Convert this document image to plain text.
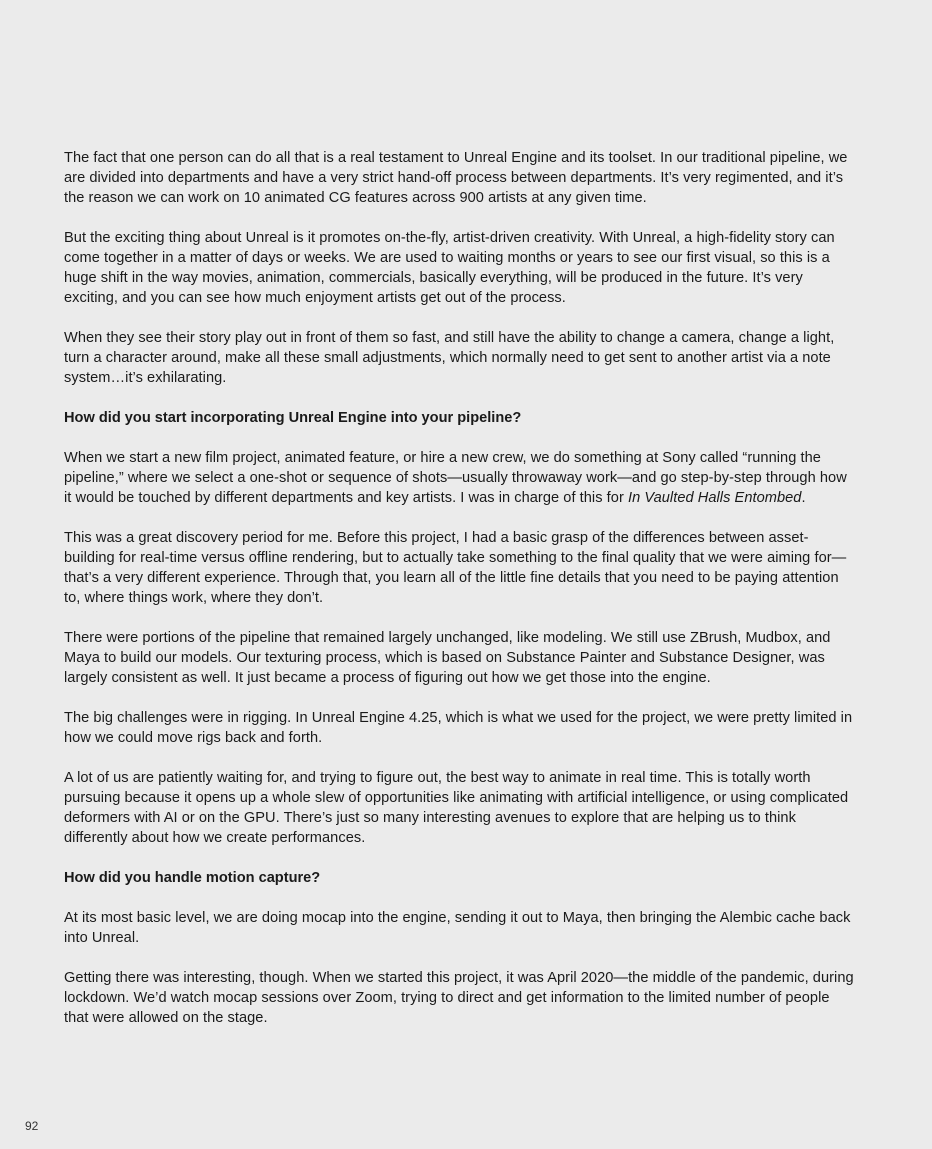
The fact that one person can do all that is a real testament to Unreal Engine and its toolset. In our traditional pipeline, we are divided into departments and have a very strict hand-off process between departments. It’s very regimented, and it’s the reason we can work on 10 animated CG features across 900 artists at any given time.

But the exciting thing about Unreal is it promotes on-the-fly, artist-driven creativity. With Unreal, a high-fidelity story can come together in a matter of days or weeks. We are used to waiting months or years to see our first visual, so this is a huge shift in the way movies, animation, commercials, basically everything, will be produced in the future. It’s very exciting, and you can see how much enjoyment artists get out of the process.

When they see their story play out in front of them so fast, and still have the ability to change a camera, change a light, turn a character around, make all these small adjustments, which normally need to get sent to another artist via a note system…it’s exhilarating.

How did you start incorporating Unreal Engine into your pipeline?

When we start a new film project, animated feature, or hire a new crew, we do something at Sony called “running the pipeline,” where we select a one-shot or sequence of shots—usually throwaway work—and go step-by-step through how it would be touched by different departments and key artists. I was in charge of this for In Vaulted Halls Entombed.

This was a great discovery period for me. Before this project, I had a basic grasp of the differences between asset-building for real-time versus offline rendering, but to actually take something to the final quality that we were aiming for—that’s a very different experience. Through that, you learn all of the little fine details that you need to be paying attention to, where things work, where they don’t.

There were portions of the pipeline that remained largely unchanged, like modeling. We still use ZBrush, Mudbox, and Maya to build our models. Our texturing process, which is based on Substance Painter and Substance Designer, was largely consistent as well. It just became a process of figuring out how we get those into the engine.

The big challenges were in rigging. In Unreal Engine 4.25, which is what we used for the project, we were pretty limited in how we could move rigs back and forth.

A lot of us are patiently waiting for, and trying to figure out, the best way to animate in real time. This is totally worth pursuing because it opens up a whole slew of opportunities like animating with artificial intelligence, or using complicated deformers with AI or on the GPU. There’s just so many interesting avenues to explore that are helping us to think differently about how we create performances.

How did you handle motion capture?

At its most basic level, we are doing mocap into the engine, sending it out to Maya, then bringing the Alembic cache back into Unreal.

Getting there was interesting, though. When we started this project, it was April 2020—the middle of the pandemic, during lockdown. We’d watch mocap sessions over Zoom, trying to direct and get information to the limited number of people that were allowed on the stage.

92
